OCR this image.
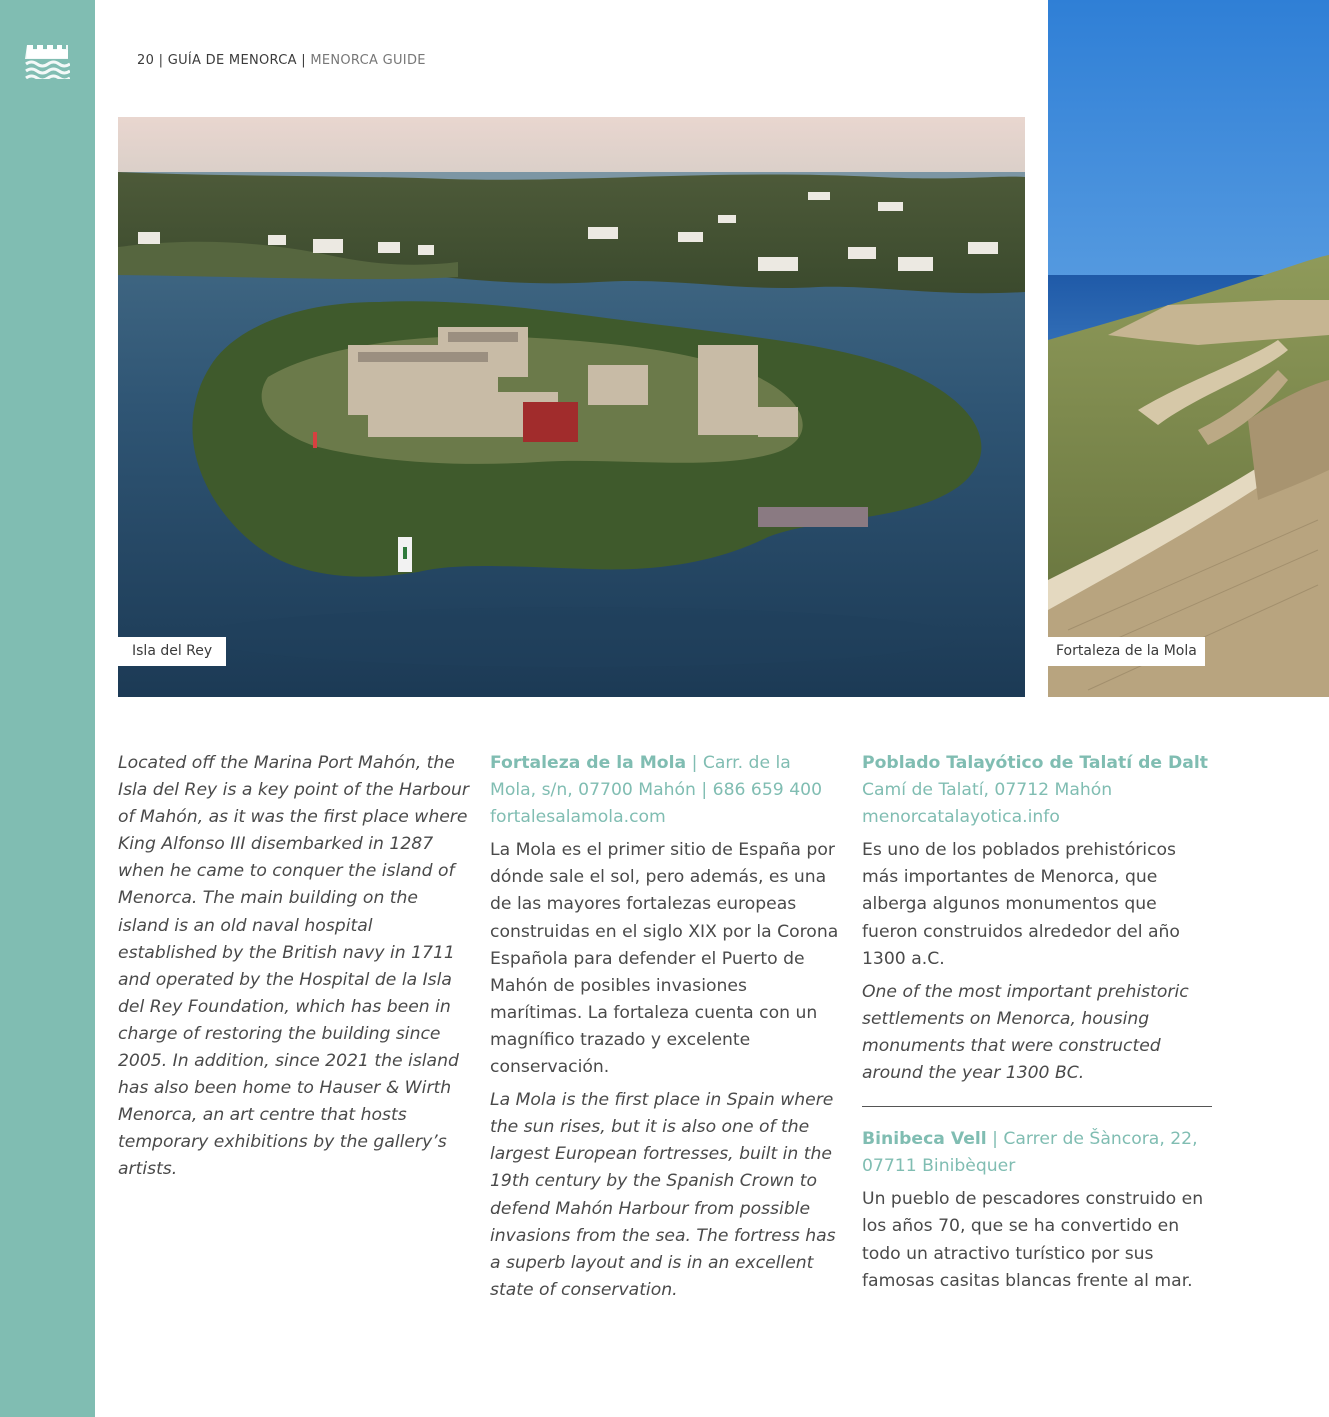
20 | GUÍA DE MENORCA | MENORCA GUIDE
Isla del Rey	Fortaleza de la Mola

Located off the Marina Port Mahón, the Isla del Rey is a key point of the Harbour of Mahón, as it was the first place where King Alfonso III disembarked in 1287 when he came to conquer the island of Menorca. The main building on the island is an old naval hospital established by the British navy in 1711 and operated by the Hospital de la Isla del Rey Foundation, which has been in charge of restoring the building since 2005. In addition, since 2021 the island has also been home to Hauser & Wirth Menorca, an art centre that hosts temporary exhibitions by the gallery’s artists.

Fortaleza de la Mola | Carr. de la Mola, s/n, 07700 Mahón | 686 659 400

fortalesalamola.com

La Mola es el primer sitio de España por dónde sale el sol, pero además, es una de las mayores fortalezas europeas construidas en el siglo XIX por la Corona Española para defender el Puerto de Mahón de posibles invasiones marítimas. La fortaleza cuenta con un magnífico trazado y excelente conservación.

La Mola is the first place in Spain where the sun rises, but it is also one of the largest European fortresses, built in the 19th century by the Spanish Crown to defend Mahón Harbour from possible invasions from the sea. The fortress has a superb layout and is in an excellent state of conservation.

Poblado Talayótico de Talatí de Dalt

Camí de Talatí, 07712 Mahón

menorcatalayotica.info

Es uno de los poblados prehistóricos más importantes de Menorca, que alberga algunos monumentos que fueron construidos alrededor del año 1300 a.C.

One of the most important prehistoric settlements on Menorca, housing monuments that were constructed around the year 1300 BC.

Binibeca Vell | Carrer de Šàncora, 22, 07711 Binibèquer

Un pueblo de pescadores construido en los años 70, que se ha convertido en todo un atractivo turístico por sus famosas casitas blancas frente al mar.
